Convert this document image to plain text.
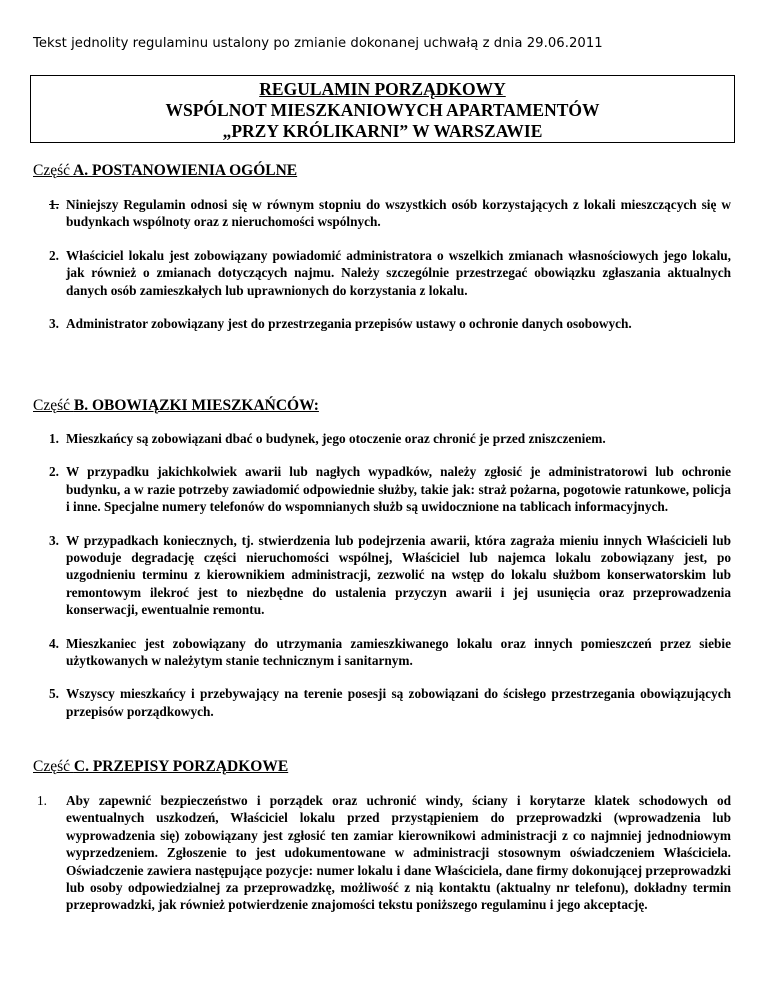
Tekst jednolity regulaminu ustalony po zmianie dokonanej uchwałą z dnia 29.06.2011
REGULAMIN PORZĄDKOWY
WSPÓLNOT MIESZKANIOWYCH APARTAMENTÓW
„PRZY KRÓLIKARNI” W WARSZAWIE
Część A. POSTANOWIENIA OGÓLNE
1. Niniejszy Regulamin odnosi się w równym stopniu do wszystkich osób korzystających z lokali mieszczących się w budynkach wspólnoty oraz z nieruchomości wspólnych.
2. Właściciel lokalu jest zobowiązany powiadomić administratora o wszelkich zmianach własnościowych jego lokalu, jak również o zmianach dotyczących najmu. Należy szczególnie przestrzegać obowiązku zgłaszania aktualnych danych osób zamieszkałych lub uprawnionych do korzystania z lokalu.
3. Administrator zobowiązany jest do przestrzegania przepisów ustawy o ochronie danych osobowych.
Część B. OBOWIĄZKI MIESZKAŃCÓW:
1. Mieszkańcy są zobowiązani dbać o budynek, jego otoczenie oraz chronić je przed zniszczeniem.
2. W przypadku jakichkolwiek awarii lub nagłych wypadków, należy zgłosić je administratorowi lub ochronie budynku, a w razie potrzeby zawiadomić odpowiednie służby, takie jak: straż pożarna, pogotowie ratunkowe, policja i inne. Specjalne numery telefonów do wspomnianych służb są uwidocznione na tablicach informacyjnych.
3. W przypadkach koniecznych, tj. stwierdzenia lub podejrzenia awarii, która zagraża mieniu innych Właścicieli lub powoduje degradację części nieruchomości wspólnej, Właściciel lub najemca lokalu zobowiązany jest, po uzgodnieniu terminu z kierownikiem administracji, zezwolić na wstęp do lokalu służbom konserwatorskim lub remontowym ilekroć jest to niezbędne do ustalenia przyczyn awarii i jej usunięcia oraz przeprowadzenia konserwacji, ewentualnie remontu.
4. Mieszkaniec jest zobowiązany do utrzymania zamieszkiwanego lokalu oraz innych pomieszczeń przez siebie użytkowanych w należytym stanie technicznym i sanitarnym.
5. Wszyscy mieszkańcy i przebywający na terenie posesji są zobowiązani do ścisłego przestrzegania obowiązujących przepisów porządkowych.
Część C. PRZEPISY PORZĄDKOWE
1. Aby zapewnić bezpieczeństwo i porządek oraz uchronić windy, ściany i korytarze klatek schodowych od ewentualnych uszkodzeń, Właściciel lokalu przed przystąpieniem do przeprowadzki (wprowadzenia lub wyprowadzenia się) zobowiązany jest zgłosić ten zamiar kierownikowi administracji z co najmniej jednodniowym wyprzedzeniem. Zgłoszenie to jest udokumentowane w administracji stosownym oświadczeniem Właściciela. Oświadczenie zawiera następujące pozycje: numer lokalu i dane Właściciela, dane firmy dokonującej przeprowadzki lub osoby odpowiedzialnej za przeprowadzkę, możliwość z nią kontaktu (aktualny nr telefonu), dokładny termin przeprowadzki, jak również potwierdzenie znajomości tekstu poniższego regulaminu i jego akceptację.
